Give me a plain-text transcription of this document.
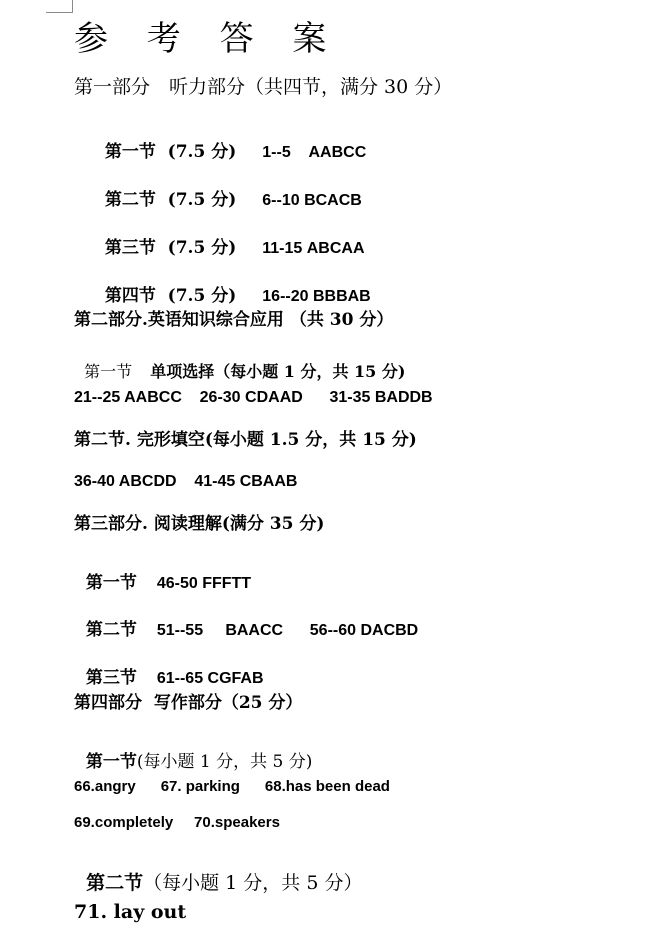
参 考 答 案
第一部分　听力部分（共四节，满分 30 分）

第一节  (7.5 分) 1--5    AABCC

第二节  (7.5 分) 6--10 BCACB

第三节  (7.5 分) 11-15 ABCAA

第四节  (7.5 分) 16--20 BBBAB

第二部分.英语知识综合应用 （共 30 分）

第一节 单项选择（每小题 1 分，共 15 分)

21--25 AABCC    26-30 CDAAD      31-35 BADDB
第二节. 完形填空(每小题 1.5 分，共 15 分)
36-40 ABCDD    41-45 CBAAB
第三部分. 阅读理解(满分 35 分)

第一节 46-50 FFFTT

第二节 51--55     BAACC      56--60 DACBD

第三节 61--65 CGFAB

第四部分  写作部分（25 分）

第一节(每小题 1 分，共 5 分)

66.angry      67. parking      68.has been dead
69.completely     70.speakers

第二节（每小题 1 分，共 5 分）

71. lay out
